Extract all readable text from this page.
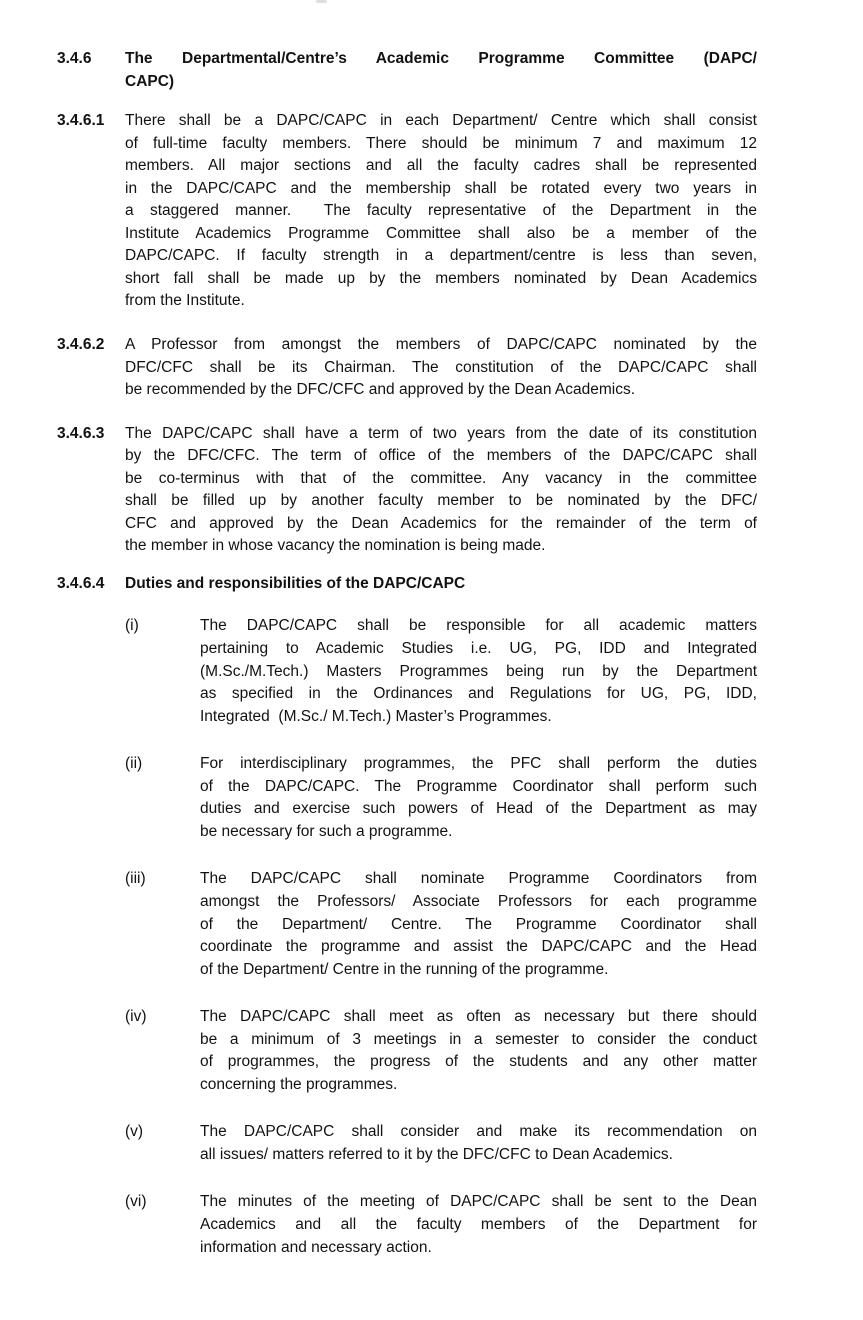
3.4.6	The Departmental/Centre’s Academic Programme Committee (DAPC/
CAPC)
3.4.6.1	There shall be a DAPC/CAPC in each Department/ Centre which shall consist
of full-time faculty members. There should be minimum 7 and maximum 12
members. All major sections and all the faculty cadres shall be represented
in the DAPC/CAPC and the membership shall be rotated every two years in
a staggered manner.  The faculty representative of the Department in the
Institute Academics Programme Committee shall also be a member of the
DAPC/CAPC. If faculty strength in a department/centre is less than seven,
short fall shall be made up by the members nominated by Dean Academics
from the Institute.
3.4.6.2	A Professor from amongst the members of DAPC/CAPC nominated by the
DFC/CFC shall be its Chairman. The constitution of the DAPC/CAPC shall
be recommended by the DFC/CFC and approved by the Dean Academics.
3.4.6.3	The DAPC/CAPC shall have a term of two years from the date of its constitution
by the DFC/CFC. The term of office of the members of the DAPC/CAPC shall
be co-terminus with that of the committee. Any vacancy in the committee
shall be filled up by another faculty member to be nominated by the DFC/
CFC and approved by the Dean Academics for the remainder of the term of
the member in whose vacancy the nomination is being made.
3.4.6.4	Duties and responsibilities of the DAPC/CAPC
(i)	The DAPC/CAPC shall be responsible for all academic matters
pertaining to Academic Studies i.e. UG, PG, IDD and Integrated
(M.Sc./M.Tech.) Masters Programmes being run by the Department
as specified in the Ordinances and Regulations for UG, PG, IDD,
Integrated  (M.Sc./ M.Tech.) Master’s Programmes.
(ii)	For interdisciplinary programmes, the PFC shall perform the duties
of the DAPC/CAPC. The Programme Coordinator shall perform such
duties and exercise such powers of Head of the Department as may
be necessary for such a programme.
(iii)	The DAPC/CAPC shall nominate Programme Coordinators from
amongst the Professors/ Associate Professors for each programme
of the Department/ Centre. The Programme Coordinator shall
coordinate the programme and assist the DAPC/CAPC and the Head
of the Department/ Centre in the running of the programme.
(iv)	The DAPC/CAPC shall meet as often as necessary but there should
be a minimum of 3 meetings in a semester to consider the conduct
of programmes, the progress of the students and any other matter
concerning the programmes.
(v)	The DAPC/CAPC shall consider and make its recommendation on
all issues/ matters referred to it by the DFC/CFC to Dean Academics.
(vi)	The minutes of the meeting of DAPC/CAPC shall be sent to the Dean
Academics and all the faculty members of the Department for
information and necessary action.
